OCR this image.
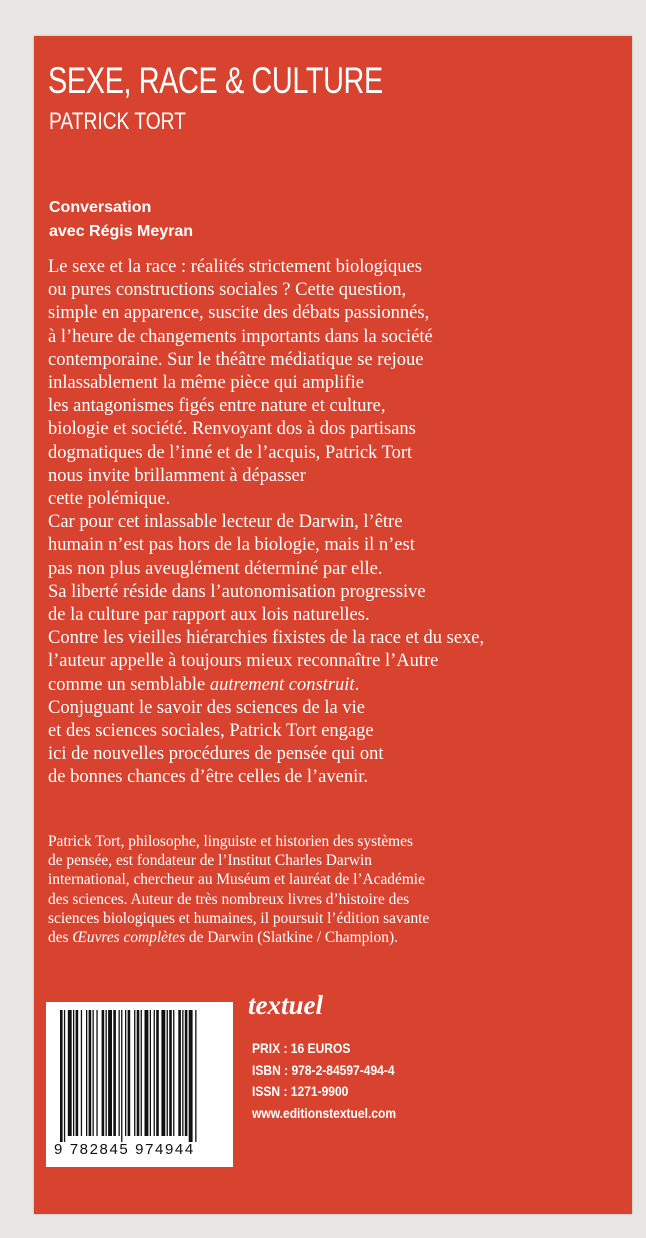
SEXE, RACE & CULTURE
PATRICK TORT
Conversation
avec Régis Meyran
Le sexe et la race : réalités strictement biologiques
ou pures constructions sociales ? Cette question,
simple en apparence, suscite des débats passionnés,
à l’heure de changements importants dans la société
contemporaine. Sur le théâtre médiatique se rejoue
inlassablement la même pièce qui amplifie
les antagonismes figés entre nature et culture,
biologie et société. Renvoyant dos à dos partisans
dogmatiques de l’inné et de l’acquis, Patrick Tort
nous invite brillamment à dépasser
cette polémique.
Car pour cet inlassable lecteur de Darwin, l’être
humain n’est pas hors de la biologie, mais il n’est
pas non plus aveuglément déterminé par elle.
Sa liberté réside dans l’autonomisation progressive
de la culture par rapport aux lois naturelles.
Contre les vieilles hiérarchies fixistes de la race et du sexe,
l’auteur appelle à toujours mieux reconnaître l’Autre
comme un semblable autrement construit.
Conjuguant le savoir des sciences de la vie
et des sciences sociales, Patrick Tort engage
ici de nouvelles procédures de pensée qui ont
de bonnes chances d’être celles de l’avenir.
Patrick Tort, philosophe, linguiste et historien des systèmes
de pensée, est fondateur de l’Institut Charles Darwin
international, chercheur au Muséum et lauréat de l’Académie
des sciences. Auteur de très nombreux livres d’histoire des
sciences biologiques et humaines, il poursuit l’édition savante
des Œuvres complètes de Darwin (Slatkine / Champion).
9 782845 974944
textuel
PRIX : 16 EUROS
ISBN : 978-2-84597-494-4
ISSN : 1271-9900
www.editionstextuel.com
